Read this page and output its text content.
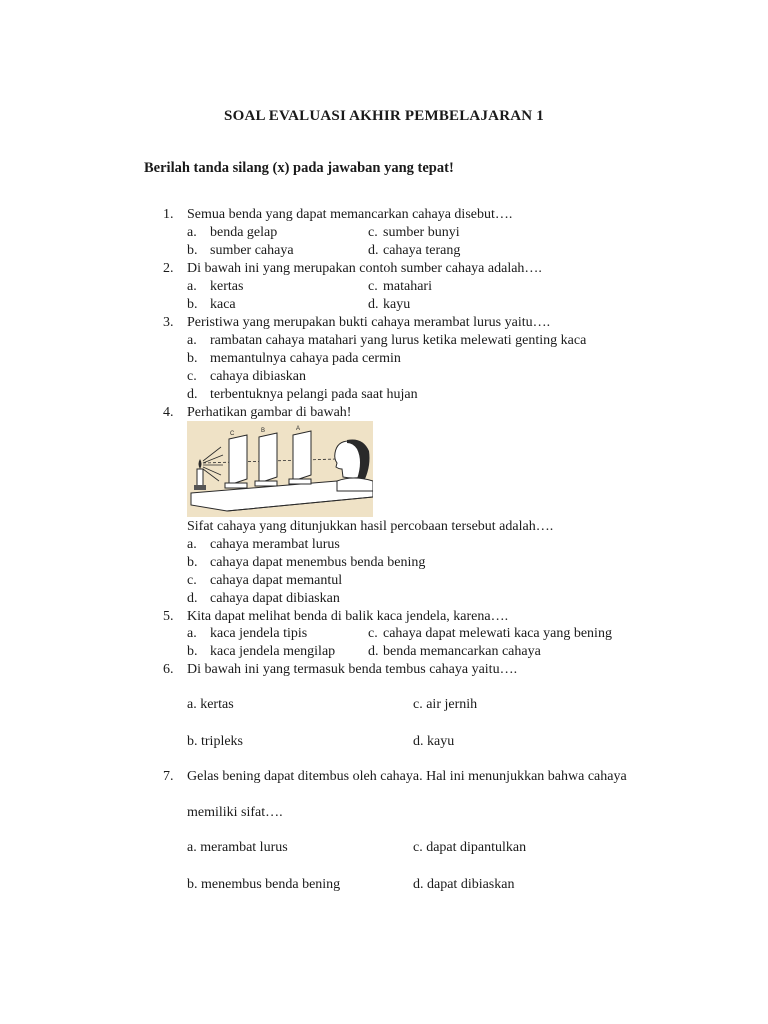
SOAL EVALUASI AKHIR PEMBELAJARAN 1
Berilah tanda silang (x) pada jawaban yang tepat!
1. Semua benda yang dapat memancarkan cahaya disebut….
a. benda gelap	c. sumber bunyi
b. sumber cahaya	d. cahaya terang
2. Di bawah ini yang merupakan contoh sumber cahaya adalah….
a. kertas	c. matahari
b. kaca	d. kayu
3. Peristiwa yang merupakan bukti cahaya merambat lurus yaitu….
a. rambatan cahaya matahari yang lurus ketika melewati genting kaca
b. memantulnya cahaya pada cermin
c. cahaya dibiaskan
d. terbentuknya pelangi pada saat hujan
4. Perhatikan gambar di bawah!
C	B	A
Sifat cahaya yang ditunjukkan hasil percobaan tersebut adalah….
a. cahaya merambat lurus
b. cahaya dapat menembus benda bening
c. cahaya dapat memantul
d. cahaya dapat dibiaskan
5. Kita dapat melihat benda di balik kaca jendela, karena….
a. kaca jendela tipis	c. cahaya dapat melewati kaca yang bening
b. kaca jendela mengilap d. benda memancarkan cahaya
6. Di bawah ini yang termasuk benda tembus cahaya yaitu….
a. kertas	c. air jernih
b. tripleks	d. kayu
7. Gelas bening dapat ditembus oleh cahaya. Hal ini menunjukkan bahwa cahaya
memiliki sifat….
a. merambat lurus	c. dapat dipantulkan
b. menembus benda bening	d. dapat dibiaskan
